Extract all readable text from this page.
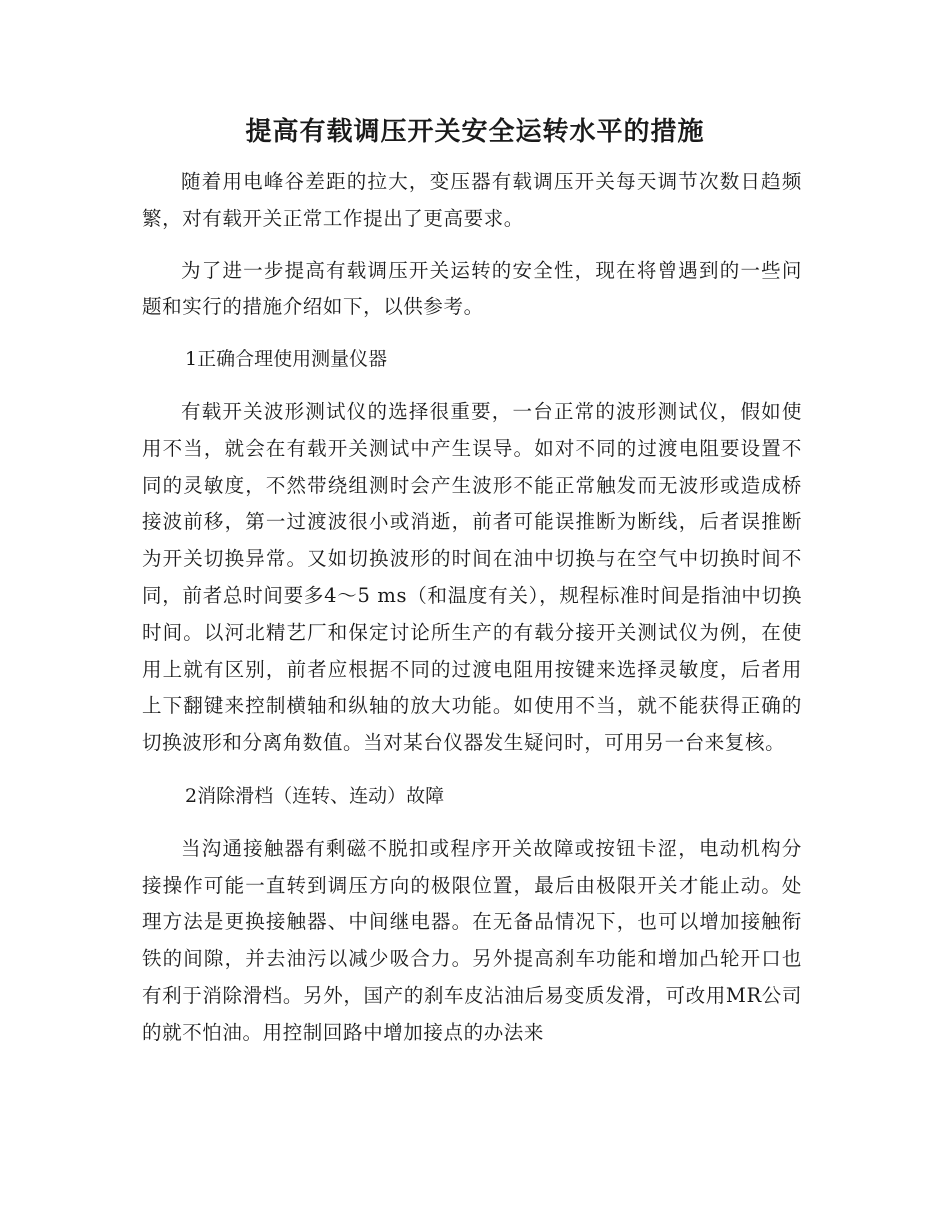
提高有载调压开关安全运转水平的措施

随着用电峰谷差距的拉大，变压器有载调压开关每天调节次数日趋频繁，对有载开关正常工作提出了更高要求。

为了进一步提高有载调压开关运转的安全性，现在将曾遇到的一些问题和实行的措施介绍如下，以供参考。

1正确合理使用测量仪器

有载开关波形测试仪的选择很重要，一台正常的波形测试仪，假如使用不当，就会在有载开关测试中产生误导。如对不同的过渡电阻要设置不同的灵敏度，不然带绕组测时会产生波形不能正常触发而无波形或造成桥接波前移，第一过渡波很小或消逝，前者可能误推断为断线，后者误推断为开关切换异常。又如切换波形的时间在油中切换与在空气中切换时间不同，前者总时间要多4～5 ms（和温度有关），规程标准时间是指油中切换时间。以河北精艺厂和保定讨论所生产的有载分接开关测试仪为例，在使用上就有区别，前者应根据不同的过渡电阻用按键来选择灵敏度，后者用上下翻键来控制横轴和纵轴的放大功能。如使用不当，就不能获得正确的切换波形和分离角数值。当对某台仪器发生疑问时，可用另一台来复核。

2消除滑档（连转、连动）故障

当沟通接触器有剩磁不脱扣或程序开关故障或按钮卡涩，电动机构分接操作可能一直转到调压方向的极限位置，最后由极限开关才能止动。处理方法是更换接触器、中间继电器。在无备品情况下，也可以增加接触衔铁的间隙，并去油污以减少吸合力。另外提高刹车功能和增加凸轮开口也有利于消除滑档。另外，国产的刹车皮沾油后易变质发滑，可改用MR公司的就不怕油。用控制回路中增加接点的办法来
